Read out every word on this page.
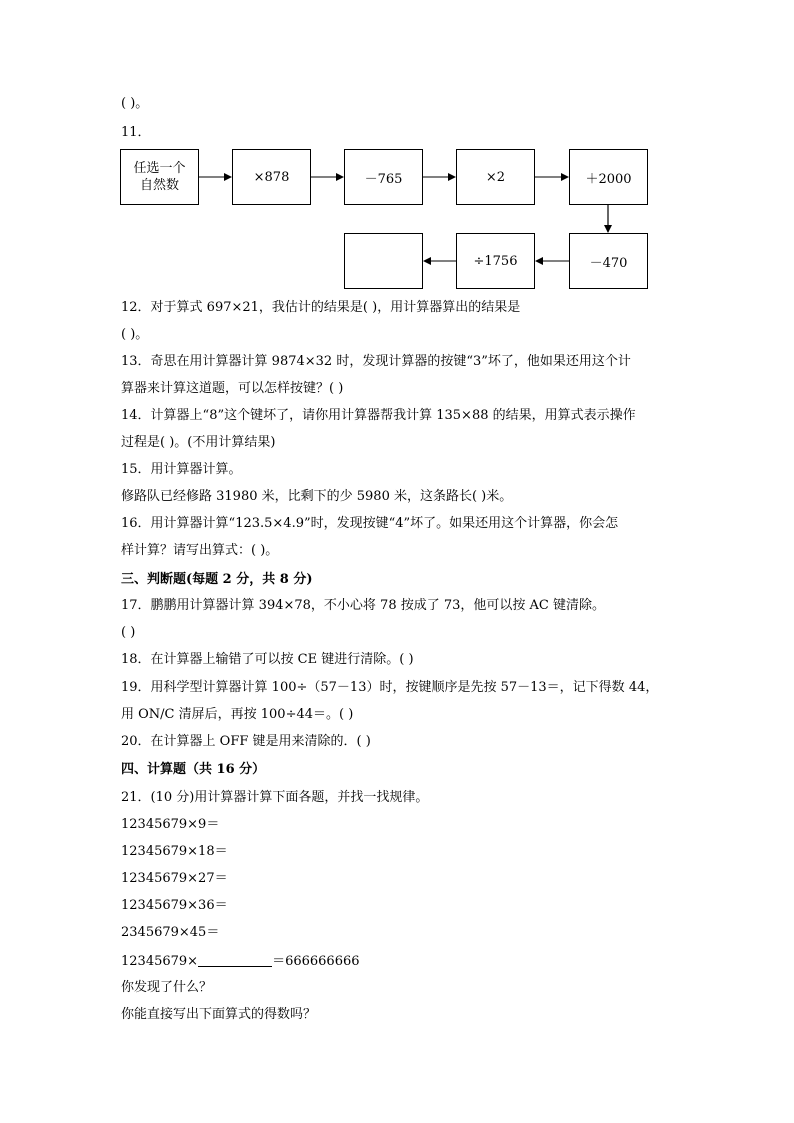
( )。
11．
任选一个
自然数
×878	－765	×2	＋2000
－470
÷1756
12．对于算式 697×21，我估计的结果是( )，用计算器算出的结果是
( )。
13．奇思在用计算器计算 9874×32 时，发现计算器的按键“3”坏了，他如果还用这个计
算器来计算这道题，可以怎样按键？( )
14．计算器上“8”这个键坏了，请你用计算器帮我计算 135×88 的结果，用算式表示操作
过程是( )。(不用计算结果)
15．用计算器计算。
修路队已经修路 31980 米，比剩下的少 5980 米，这条路长( )米。
16．用计算器计算“123.5×4.9”时，发现按键“4”坏了。如果还用这个计算器，你会怎
样计算？请写出算式：( )。
三、判断题(每题 2 分，共 8 分)
17．鹏鹏用计算器计算 394×78，不小心将 78 按成了 73，他可以按 AC 键清除。
( )
18．在计算器上输错了可以按 CE 键进行清除。( )
19．用科学型计算器计算 100÷（57－13）时，按键顺序是先按 57－13＝，记下得数 44，
用 ON/C 清屏后，再按 100÷44＝。( )
20．在计算器上 OFF 键是用来清除的．( )
四、计算题（共 16 分）
21．(10 分)用计算器计算下面各题，并找一找规律。
12345679×9＝
12345679×18＝
12345679×27＝
12345679×36＝
2345679×45＝
12345679×	＝666666666
你发现了什么？
你能直接写出下面算式的得数吗？
